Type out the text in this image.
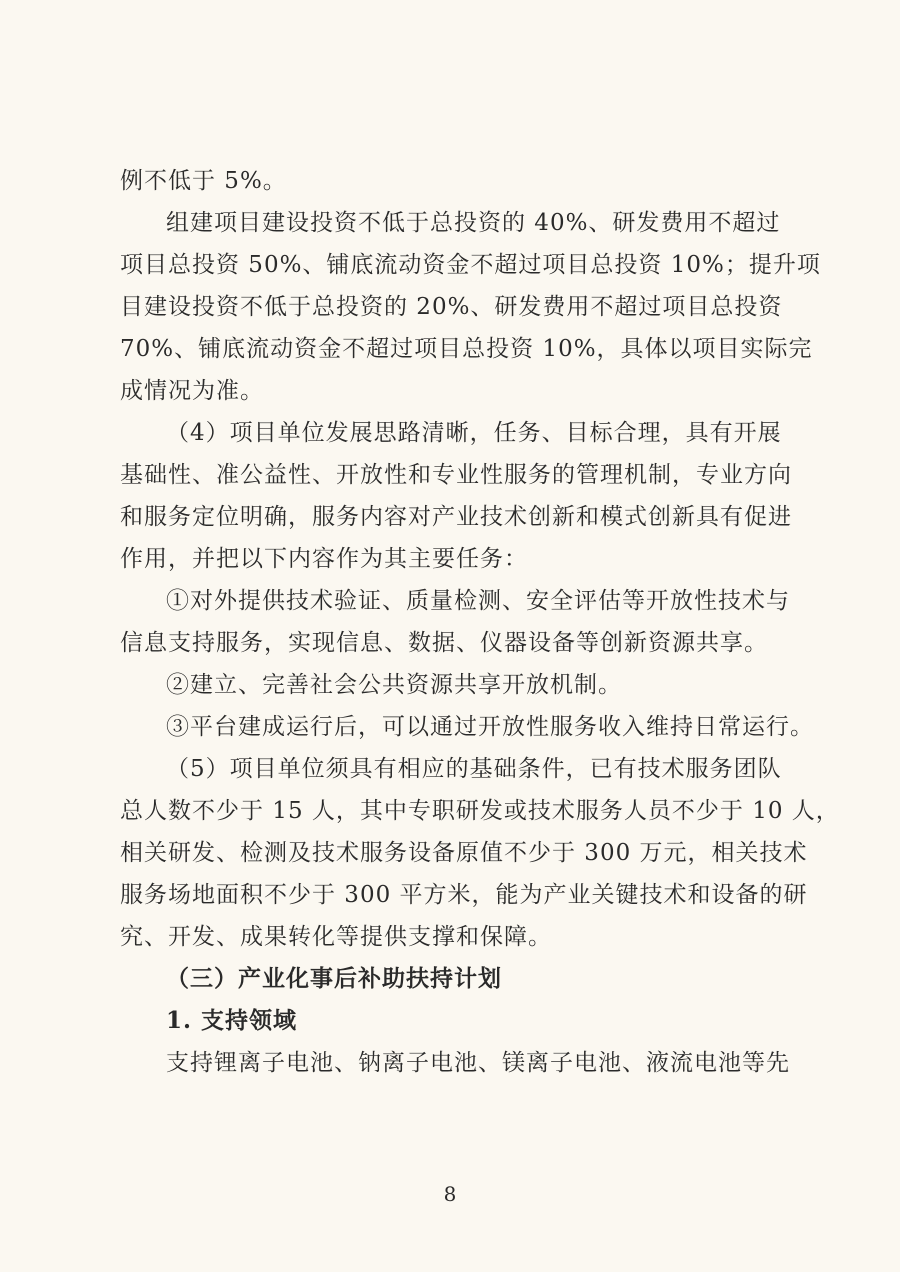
例不低于 5%。
组建项目建设投资不低于总投资的 40%、研发费用不超过
项目总投资 50%、铺底流动资金不超过项目总投资 10%；提升项
目建设投资不低于总投资的 20%、研发费用不超过项目总投资
70%、铺底流动资金不超过项目总投资 10%，具体以项目实际完
成情况为准。
（4）项目单位发展思路清晰，任务、目标合理，具有开展
基础性、准公益性、开放性和专业性服务的管理机制，专业方向
和服务定位明确，服务内容对产业技术创新和模式创新具有促进
作用，并把以下内容作为其主要任务：
①对外提供技术验证、质量检测、安全评估等开放性技术与
信息支持服务，实现信息、数据、仪器设备等创新资源共享。
②建立、完善社会公共资源共享开放机制。
③平台建成运行后，可以通过开放性服务收入维持日常运行。
（5）项目单位须具有相应的基础条件，已有技术服务团队
总人数不少于 15 人，其中专职研发或技术服务人员不少于 10 人，
相关研发、检测及技术服务设备原值不少于 300 万元，相关技术
服务场地面积不少于 300 平方米，能为产业关键技术和设备的研
究、开发、成果转化等提供支撑和保障。
（三）产业化事后补助扶持计划
1. 支持领域
支持锂离子电池、钠离子电池、镁离子电池、液流电池等先
8
